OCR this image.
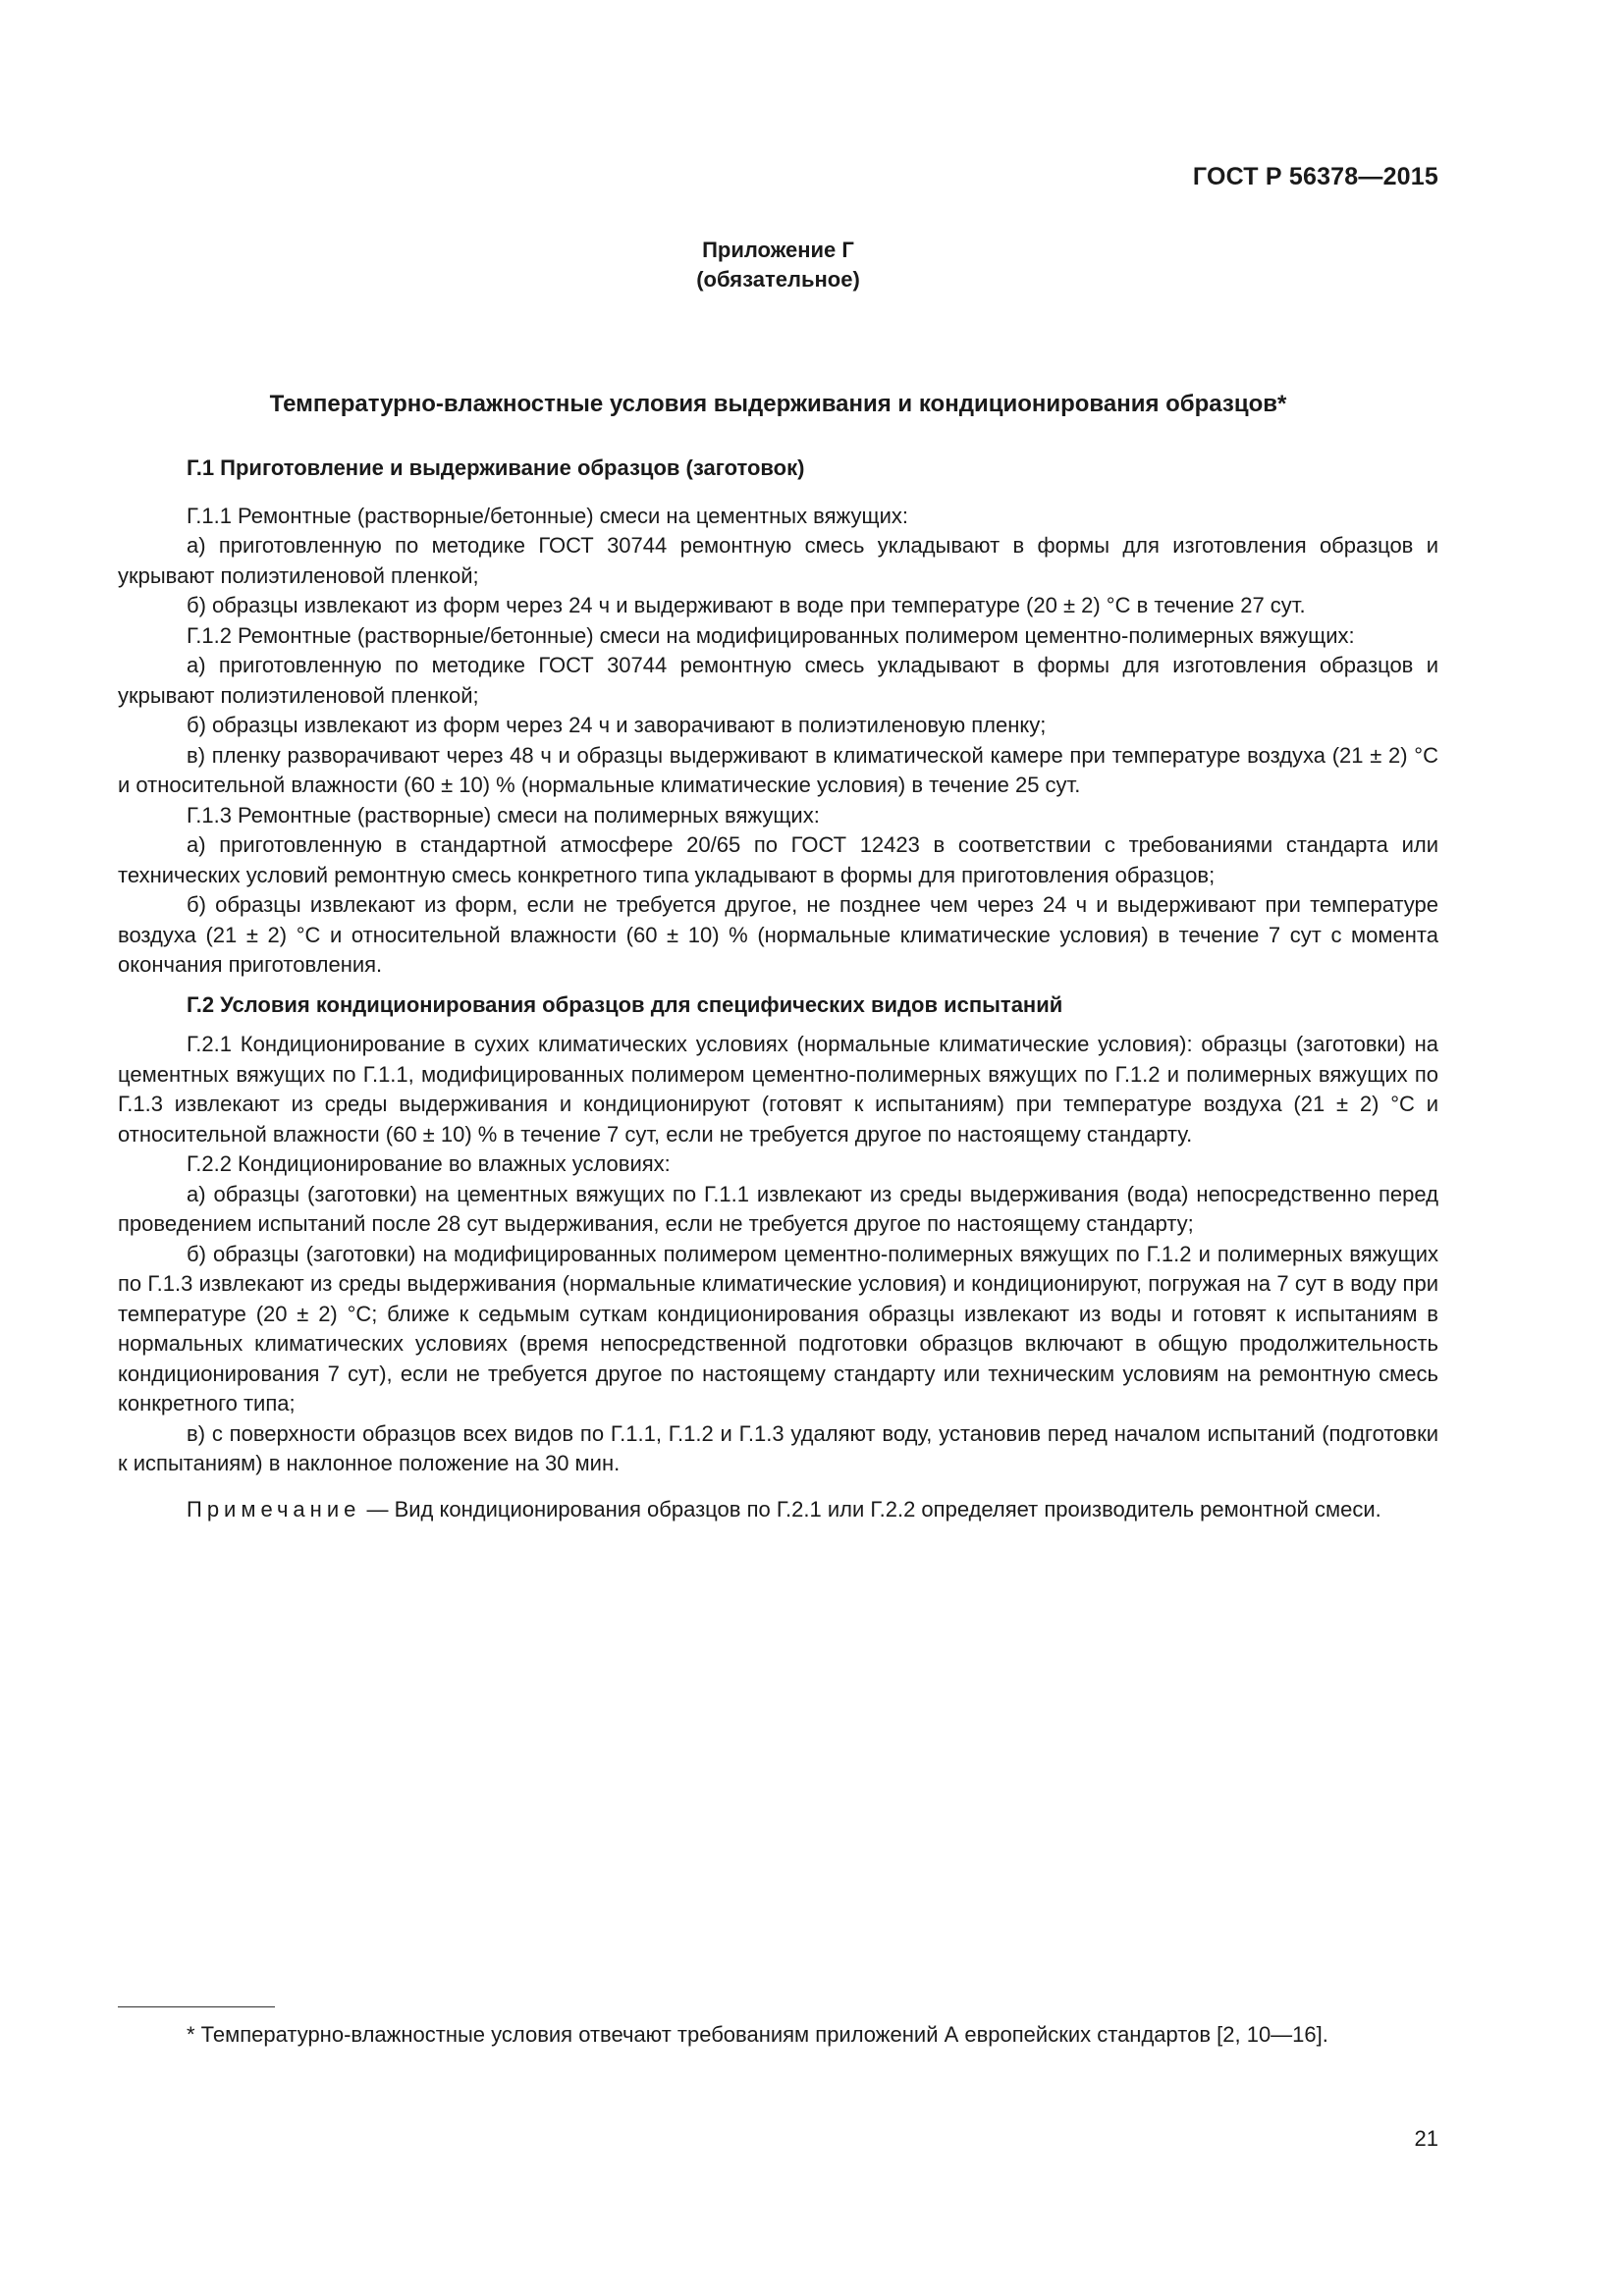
ГОСТ Р 56378—2015
Приложение Г
(обязательное)
Температурно-влажностные условия выдерживания и кондиционирования образцов*
Г.1 Приготовление и выдерживание образцов (заготовок)

Г.1.1 Ремонтные (растворные/бетонные) смеси на цементных вяжущих:

а) приготовленную по методике ГОСТ 30744 ремонтную смесь укладывают в формы для изготовления образцов и укрывают полиэтиленовой пленкой;

б) образцы извлекают из форм через 24 ч и выдерживают в воде при температуре (20 ± 2) °С в течение 27 сут.

Г.1.2 Ремонтные (растворные/бетонные) смеси на модифицированных полимером цементно-полимерных вяжущих:

а) приготовленную по методике ГОСТ 30744 ремонтную смесь укладывают в формы для изготовления образцов и укрывают полиэтиленовой пленкой;

б) образцы извлекают из форм через 24 ч и заворачивают в полиэтиленовую пленку;

в) пленку разворачивают через 48 ч и образцы выдерживают в климатической камере при температуре воздуха (21 ± 2) °С и относительной влажности (60 ± 10) % (нормальные климатические условия) в течение 25 сут.

Г.1.3 Ремонтные (растворные) смеси на полимерных вяжущих:

а) приготовленную в стандартной атмосфере 20/65 по ГОСТ 12423 в соответствии с требованиями стандарта или технических условий ремонтную смесь конкретного типа укладывают в формы для приготовления образцов;

б) образцы извлекают из форм, если не требуется другое, не позднее чем через 24 ч и выдерживают при температуре воздуха (21 ± 2) °С и относительной влажности (60 ± 10) % (нормальные климатические условия) в течение 7 сут с момента окончания приготовления.

Г.2 Условия кондиционирования образцов для специфических видов испытаний

Г.2.1 Кондиционирование в сухих климатических условиях (нормальные климатические условия): образцы (заготовки) на цементных вяжущих по Г.1.1, модифицированных полимером цементно-полимерных вяжущих по Г.1.2 и полимерных вяжущих по Г.1.3 извлекают из среды выдерживания и кондиционируют (готовят к испытаниям) при температуре воздуха (21 ± 2) °С и относительной влажности (60 ± 10) % в течение 7 сут, если не требуется другое по настоящему стандарту.

Г.2.2 Кондиционирование во влажных условиях:

а) образцы (заготовки) на цементных вяжущих по Г.1.1 извлекают из среды выдерживания (вода) непосредственно перед проведением испытаний после 28 сут выдерживания, если не требуется другое по настоящему стандарту;

б) образцы (заготовки) на модифицированных полимером цементно-полимерных вяжущих по Г.1.2 и полимерных вяжущих по Г.1.3 извлекают из среды выдерживания (нормальные климатические условия) и кондиционируют, погружая на 7 сут в воду при температуре (20 ± 2) °С; ближе к седьмым суткам кондиционирования образцы извлекают из воды и готовят к испытаниям в нормальных климатических условиях (время непосредственной подготовки образцов включают в общую продолжительность кондиционирования 7 сут), если не требуется другое по настоящему стандарту или техническим условиям на ремонтную смесь конкретного типа;

в) с поверхности образцов всех видов по Г.1.1, Г.1.2 и Г.1.3 удаляют воду, установив перед началом испытаний (подготовки к испытаниям) в наклонное положение на 30 мин.

Примечание — Вид кондиционирования образцов по Г.2.1 или Г.2.2 определяет производитель ремонтной смеси.

* Температурно-влажностные условия отвечают требованиям приложений А европейских стандартов [2, 10—16].

21
